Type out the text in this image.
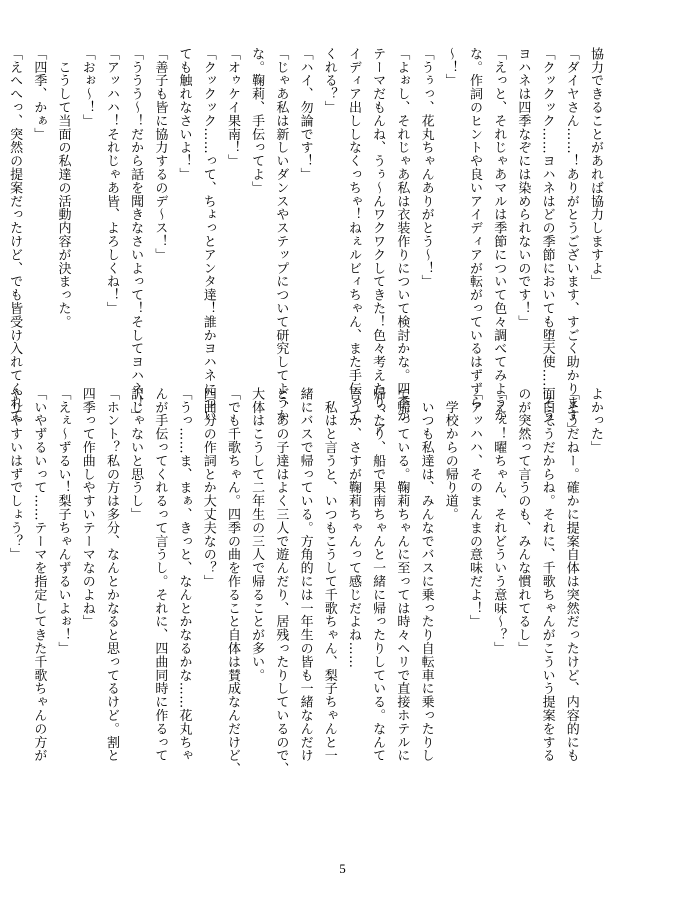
協力できることがあれば協力しますよ」
「ダイヤさん……！ありがとうございます、すごく助かります」
「クックック……ヨハネはどの季節においても堕天使……そう、
ヨハネは四季なぞには染められないのです！」
「えっと、それじゃあマルは季節について色々調べてみようか
な。作詞のヒントや良いアイディアが転がっているはずずら
〜！」
「うぅっ、花丸ちゃんありがとう〜！」
「よぉし、それじゃあ私は衣装作りについて検討かな。四季が
テーマだもんね、うぅ〜んワクワクしてきた！色々考えたり、ア
イディア出ししなくっちゃ！ねぇルビィちゃん、また手伝って
くれる？」
「ハイ、勿論です！」
「じゃあ私は新しいダンスやステップについて研究してようか
な。鞠莉、手伝ってよ」
「オゥケイ果南！」
「クックック……って、ちょっとアンタ達！誰かヨハネについ
ても触れなさいよ！」
「善子も皆に協力するのデ〜ス！」
「ううう〜！だから話を聞きなさいよって！そしてヨハネ！」
「アッハハ！それじゃあ皆、よろしくね！」
「おぉ〜！」
　こうして当面の私達の活動内容が決まった。
「四季、かぁ」
「えへへっ、突然の提案だったけど、でも皆受け入れてくれて	よかった」
「そうだねー。確かに提案自体は突然だったけど、内容的にも
面白そうだからね。それに、千歌ちゃんがこういう提案をする
のが突然って言うのも、みんな慣れてるし」
「えぇ！曜ちゃん、それどういう意味〜？」
「アッハハ、そのまんまの意味だよ！」
　学校からの帰り道。
　いつも私達は、みんなでバスに乗ったり自転車に乗ったりし
て帰っている。鞠莉ちゃんに至っては時々ヘリで直接ホテルに
帰ったり、船で果南ちゃんと一緒に帰ったりしている。なんて
言うか、さすが鞠莉ちゃんって感じだよね……
　私はと言うと、いつもこうして千歌ちゃん、梨子ちゃんと一
緒にバスで帰っている。方角的には一年生の皆も一緒なんだけ
ど、あの子達はよく三人で遊んだり、居残ったりしているので、
大体はこうして二年生の三人で帰ることが多い。
「でも千歌ちゃん。四季の曲を作ること自体は賛成なんだけど、
四曲分の作詞とか大丈夫なの？」
「うっ……ま、まぁ、きっと、なんとかなるかな……花丸ちゃ
んが手伝ってくれるって言うし。それに、四曲同時に作るって
訳じゃないと思うし」
「ホント？私の方は多分、なんとかなると思ってるけど。割と
四季って作曲しやすいテーマなのよね」
「えぇ〜ずるい！梨子ちゃんずるいよぉ！」
「いやずるいって……テーマを指定してきた千歌ちゃんの方が
やりやすいはずでしょう？」
5
